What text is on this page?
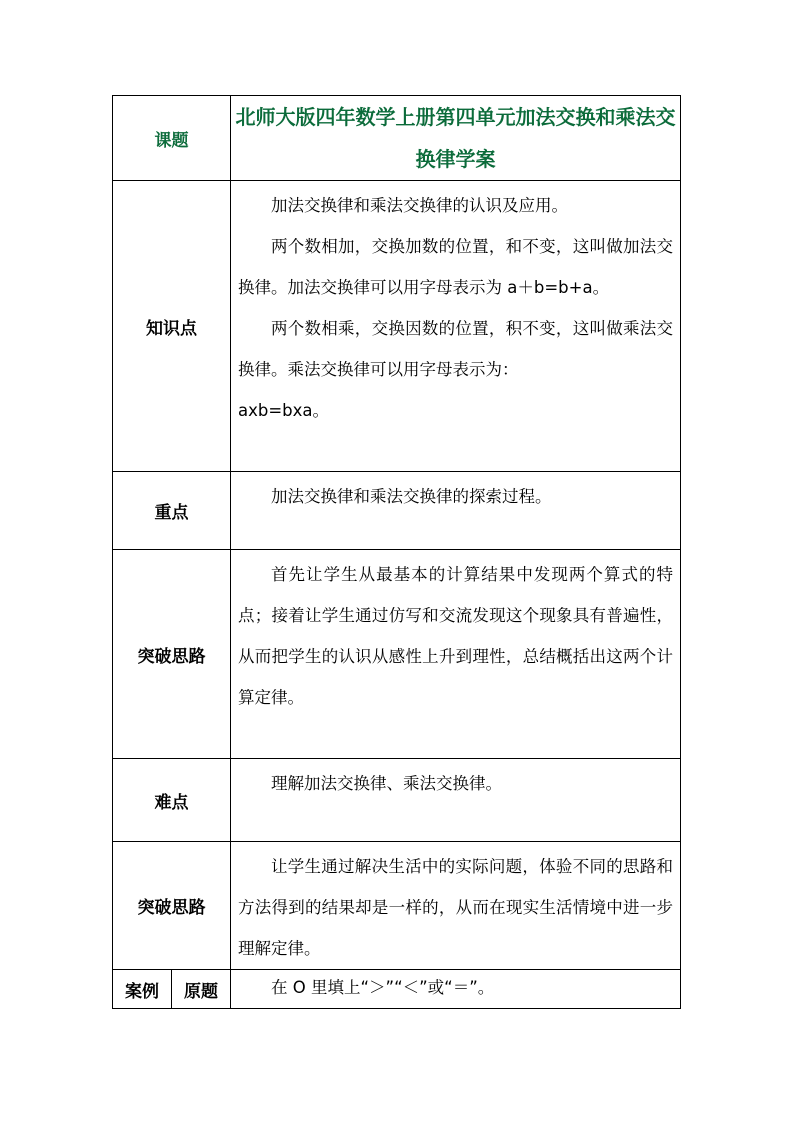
课题		北师大版四年数学上册第四单元加法交换和乘法交换律学案
知识点		加法交换律和乘法交换律的认识及应用。

两个数相加，交换加数的位置，和不变，这叫做加法交换律。加法交换律可以用字母表示为 a＋b=b+a。

两个数相乘，交换因数的位置，积不变，这叫做乘法交换律。乘法交换律可以用字母表示为：

axb=bxa。

重点		加法交换律和乘法交换律的探索过程。

突破思路		首先让学生从最基本的计算结果中发现两个算式的特点；接着让学生通过仿写和交流发现这个现象具有普遍性，从而把学生的认识从感性上升到理性，总结概括出这两个计算定律。

难点		理解加法交换律、乘法交换律。

突破思路		让学生通过解决生活中的实际问题，体验不同的思路和方法得到的结果却是一样的，从而在现实生活情境中进一步理解定律。

案例	原题	在 O 里填上“＞”“＜”或“＝”。
